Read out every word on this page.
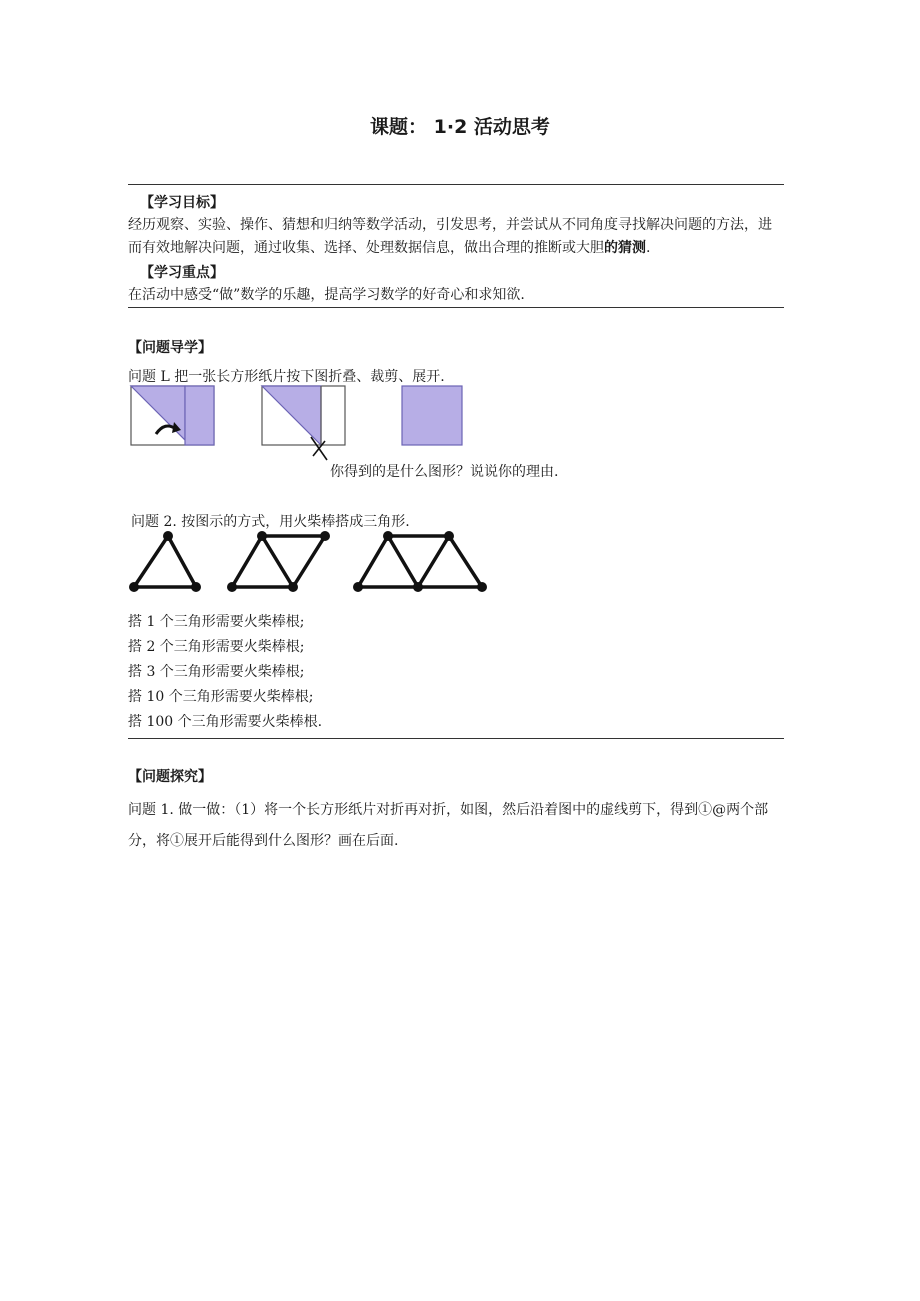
课题： 1·2 活动思考
【学习目标】
经历观察、实验、操作、猜想和归纳等数学活动，引发思考，并尝试从不同角度寻找解决问题的方法，进而有效地解决问题，通过收集、选择、处理数据信息，做出合理的推断或大胆的猜测.
【学习重点】
在活动中感受“做”数学的乐趣，提高学习数学的好奇心和求知欲.
【问题导学】
问题 L 把一张长方形纸片按下图折叠、裁剪、展开.
你得到的是什么图形？说说你的理由.
问题 2. 按图示的方式，用火柴棒搭成三角形.

搭 1 个三角形需要火柴棒根;

搭 2 个三角形需要火柴棒根;

搭 3 个三角形需要火柴棒根;

搭 10 个三角形需要火柴棒根;

搭 100 个三角形需要火柴棒根.

【问题探究】
问题 1. 做一做：（1）将一个长方形纸片对折再对折，如图，然后沿着图中的虚线剪下，得到①@两个部分，将①展开后能得到什么图形？画在后面.
